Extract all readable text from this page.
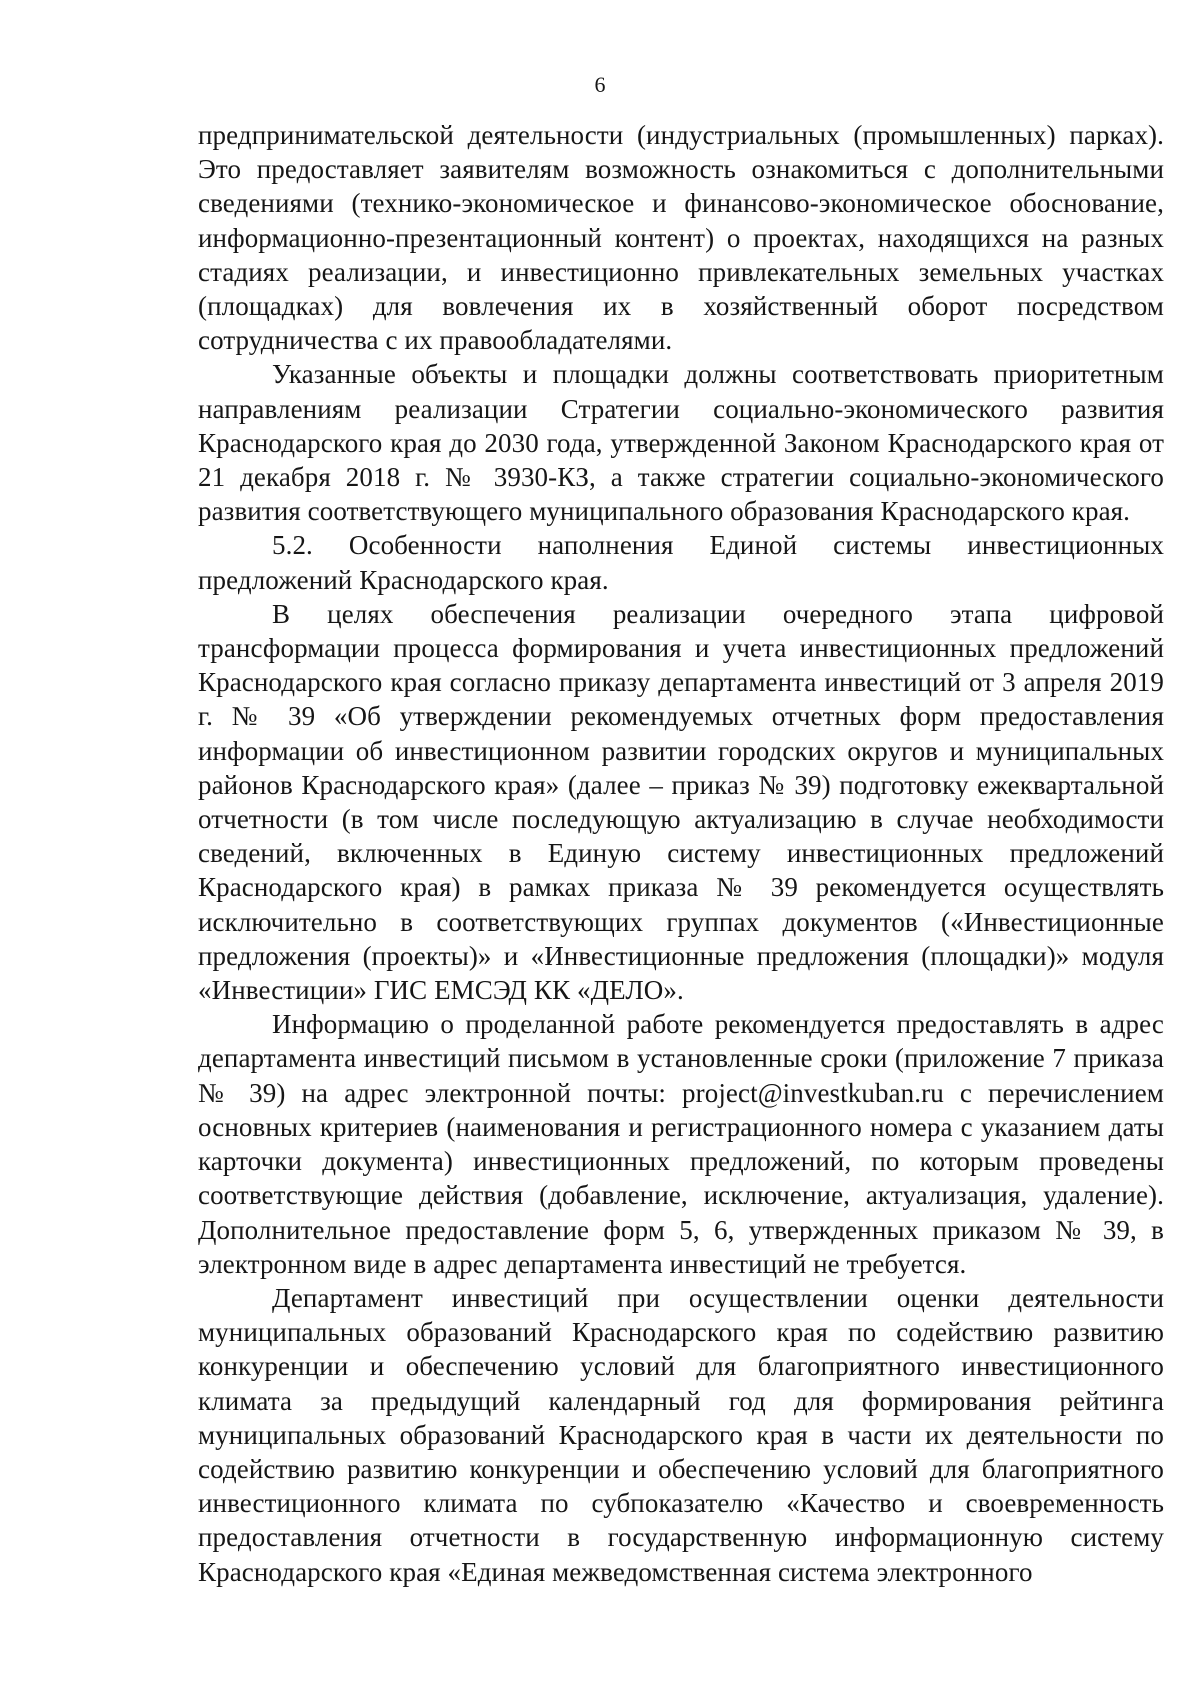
6

предпринимательской деятельности (индустриальных (промышленных) парках). Это предоставляет заявителям возможность ознакомиться с дополнительными сведениями (технико-экономическое и финансово-экономическое обоснование, информационно-презентационный контент) о проектах, находящихся на разных стадиях реализации, и инвестиционно привлекательных земельных участках (площадках) для вовлечения их в хозяйственный оборот посредством сотрудничества с их правообладателями.

Указанные объекты и площадки должны соответствовать приоритетным направлениям реализации Стратегии социально-экономического развития Краснодарского края до 2030 года, утвержденной Законом Краснодарского края от 21 декабря 2018 г. № 3930-КЗ, а также стратегии социально-экономического развития соответствующего муниципального образования Краснодарского края.

5.2. Особенности наполнения Единой системы инвестиционных предложений Краснодарского края.

В целях обеспечения реализации очередного этапа цифровой трансформации процесса формирования и учета инвестиционных предложений Краснодарского края согласно приказу департамента инвестиций от 3 апреля 2019 г. № 39 «Об утверждении рекомендуемых отчетных форм предоставления информации об инвестиционном развитии городских округов и муниципальных районов Краснодарского края» (далее – приказ № 39) подготовку ежеквартальной отчетности (в том числе последующую актуализацию в случае необходимости сведений, включенных в Единую систему инвестиционных предложений Краснодарского края) в рамках приказа № 39 рекомендуется осуществлять исключительно в соответствующих группах документов («Инвестиционные предложения (проекты)» и «Инвестиционные предложения (площадки)» модуля «Инвестиции» ГИС ЕМСЭД КК «ДЕЛО».

Информацию о проделанной работе рекомендуется предоставлять в адрес департамента инвестиций письмом в установленные сроки (приложение 7 приказа № 39) на адрес электронной почты: project@investkuban.ru с перечислением основных критериев (наименования и регистрационного номера с указанием даты карточки документа) инвестиционных предложений, по которым проведены соответствующие действия (добавление, исключение, актуализация, удаление). Дополнительное предоставление форм 5, 6, утвержденных приказом № 39, в электронном виде в адрес департамента инвестиций не требуется.

Департамент инвестиций при осуществлении оценки деятельности муниципальных образований Краснодарского края по содействию развитию конкуренции и обеспечению условий для благоприятного инвестиционного климата за предыдущий календарный год для формирования рейтинга муниципальных образований Краснодарского края в части их деятельности по содействию развитию конкуренции и обеспечению условий для благоприятного инвестиционного климата по субпоказателю «Качество и своевременность предоставления отчетности в государственную информационную систему Краснодарского края «Единая межведомственная система электронного
